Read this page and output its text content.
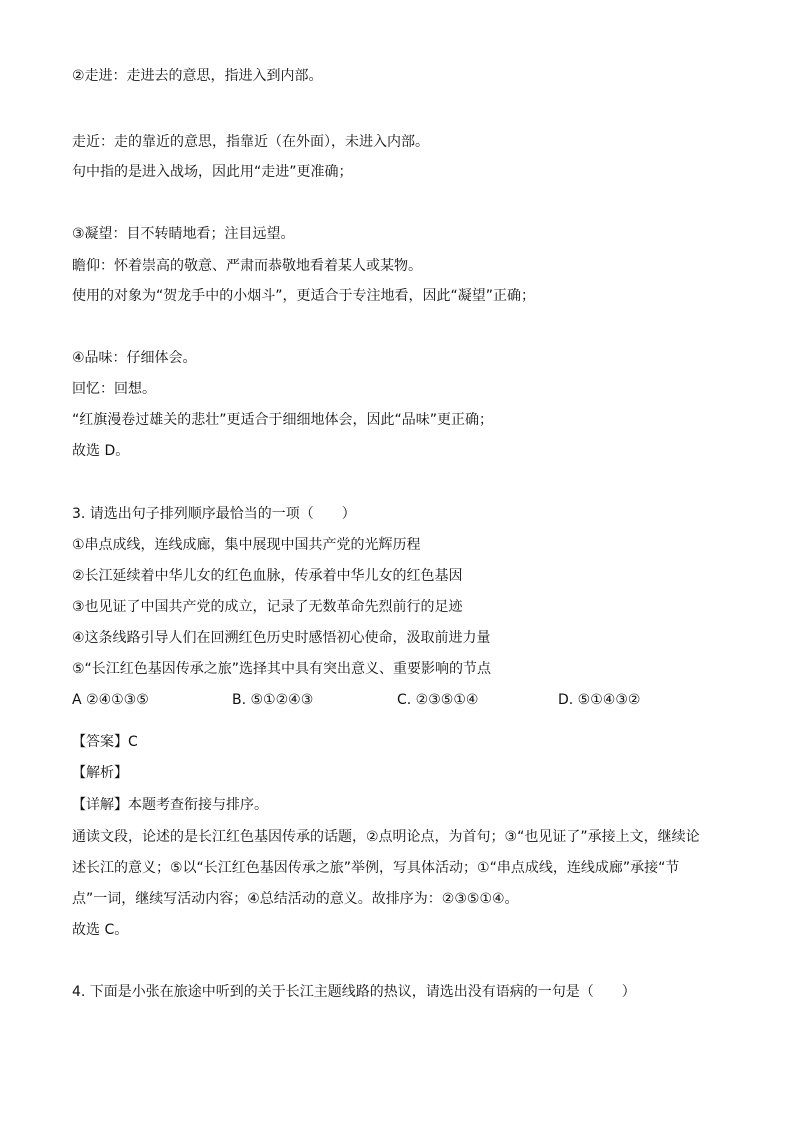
②走进：走进去的意思，指进入到内部。
走近：走的靠近的意思，指靠近（在外面），未进入内部。
句中指的是进入战场，因此用“走进”更准确；
③凝望：目不转睛地看；注目远望。
瞻仰：怀着崇高的敬意、严肃而恭敬地看着某人或某物。
使用的对象为“贺龙手中的小烟斗”，更适合于专注地看，因此“凝望”正确；
④品味：仔细体会。
回忆：回想。
“红旗漫卷过雄关的悲壮”更适合于细细地体会，因此“品味”更正确；
故选 D。
3. 请选出句子排列顺序最恰当的一项（　　）
①串点成线，连线成廊，集中展现中国共产党的光辉历程
②长江延续着中华儿女的红色血脉，传承着中华儿女的红色基因
③也见证了中国共产党的成立，记录了无数革命先烈前行的足迹
④这条线路引导人们在回溯红色历史时感悟初心使命，汲取前进力量
⑤“长江红色基因传承之旅”选择其中具有突出意义、重要影响的节点
A ②④①③⑤	B. ⑤①②④③	C. ②③⑤①④	D. ⑤①④③②
【答案】C
【解析】
【详解】本题考查衔接与排序。
通读文段，论述的是长江红色基因传承的话题，②点明论点，为首句；③“也见证了”承接上文，继续论
述长江的意义；⑤以“长江红色基因传承之旅”举例，写具体活动；①“串点成线，连线成廊”承接“节
点”一词，继续写活动内容；④总结活动的意义。故排序为：②③⑤①④。
故选 C。
4. 下面是小张在旅途中听到的关于长江主题线路的热议，请选出没有语病的一句是（　　）
